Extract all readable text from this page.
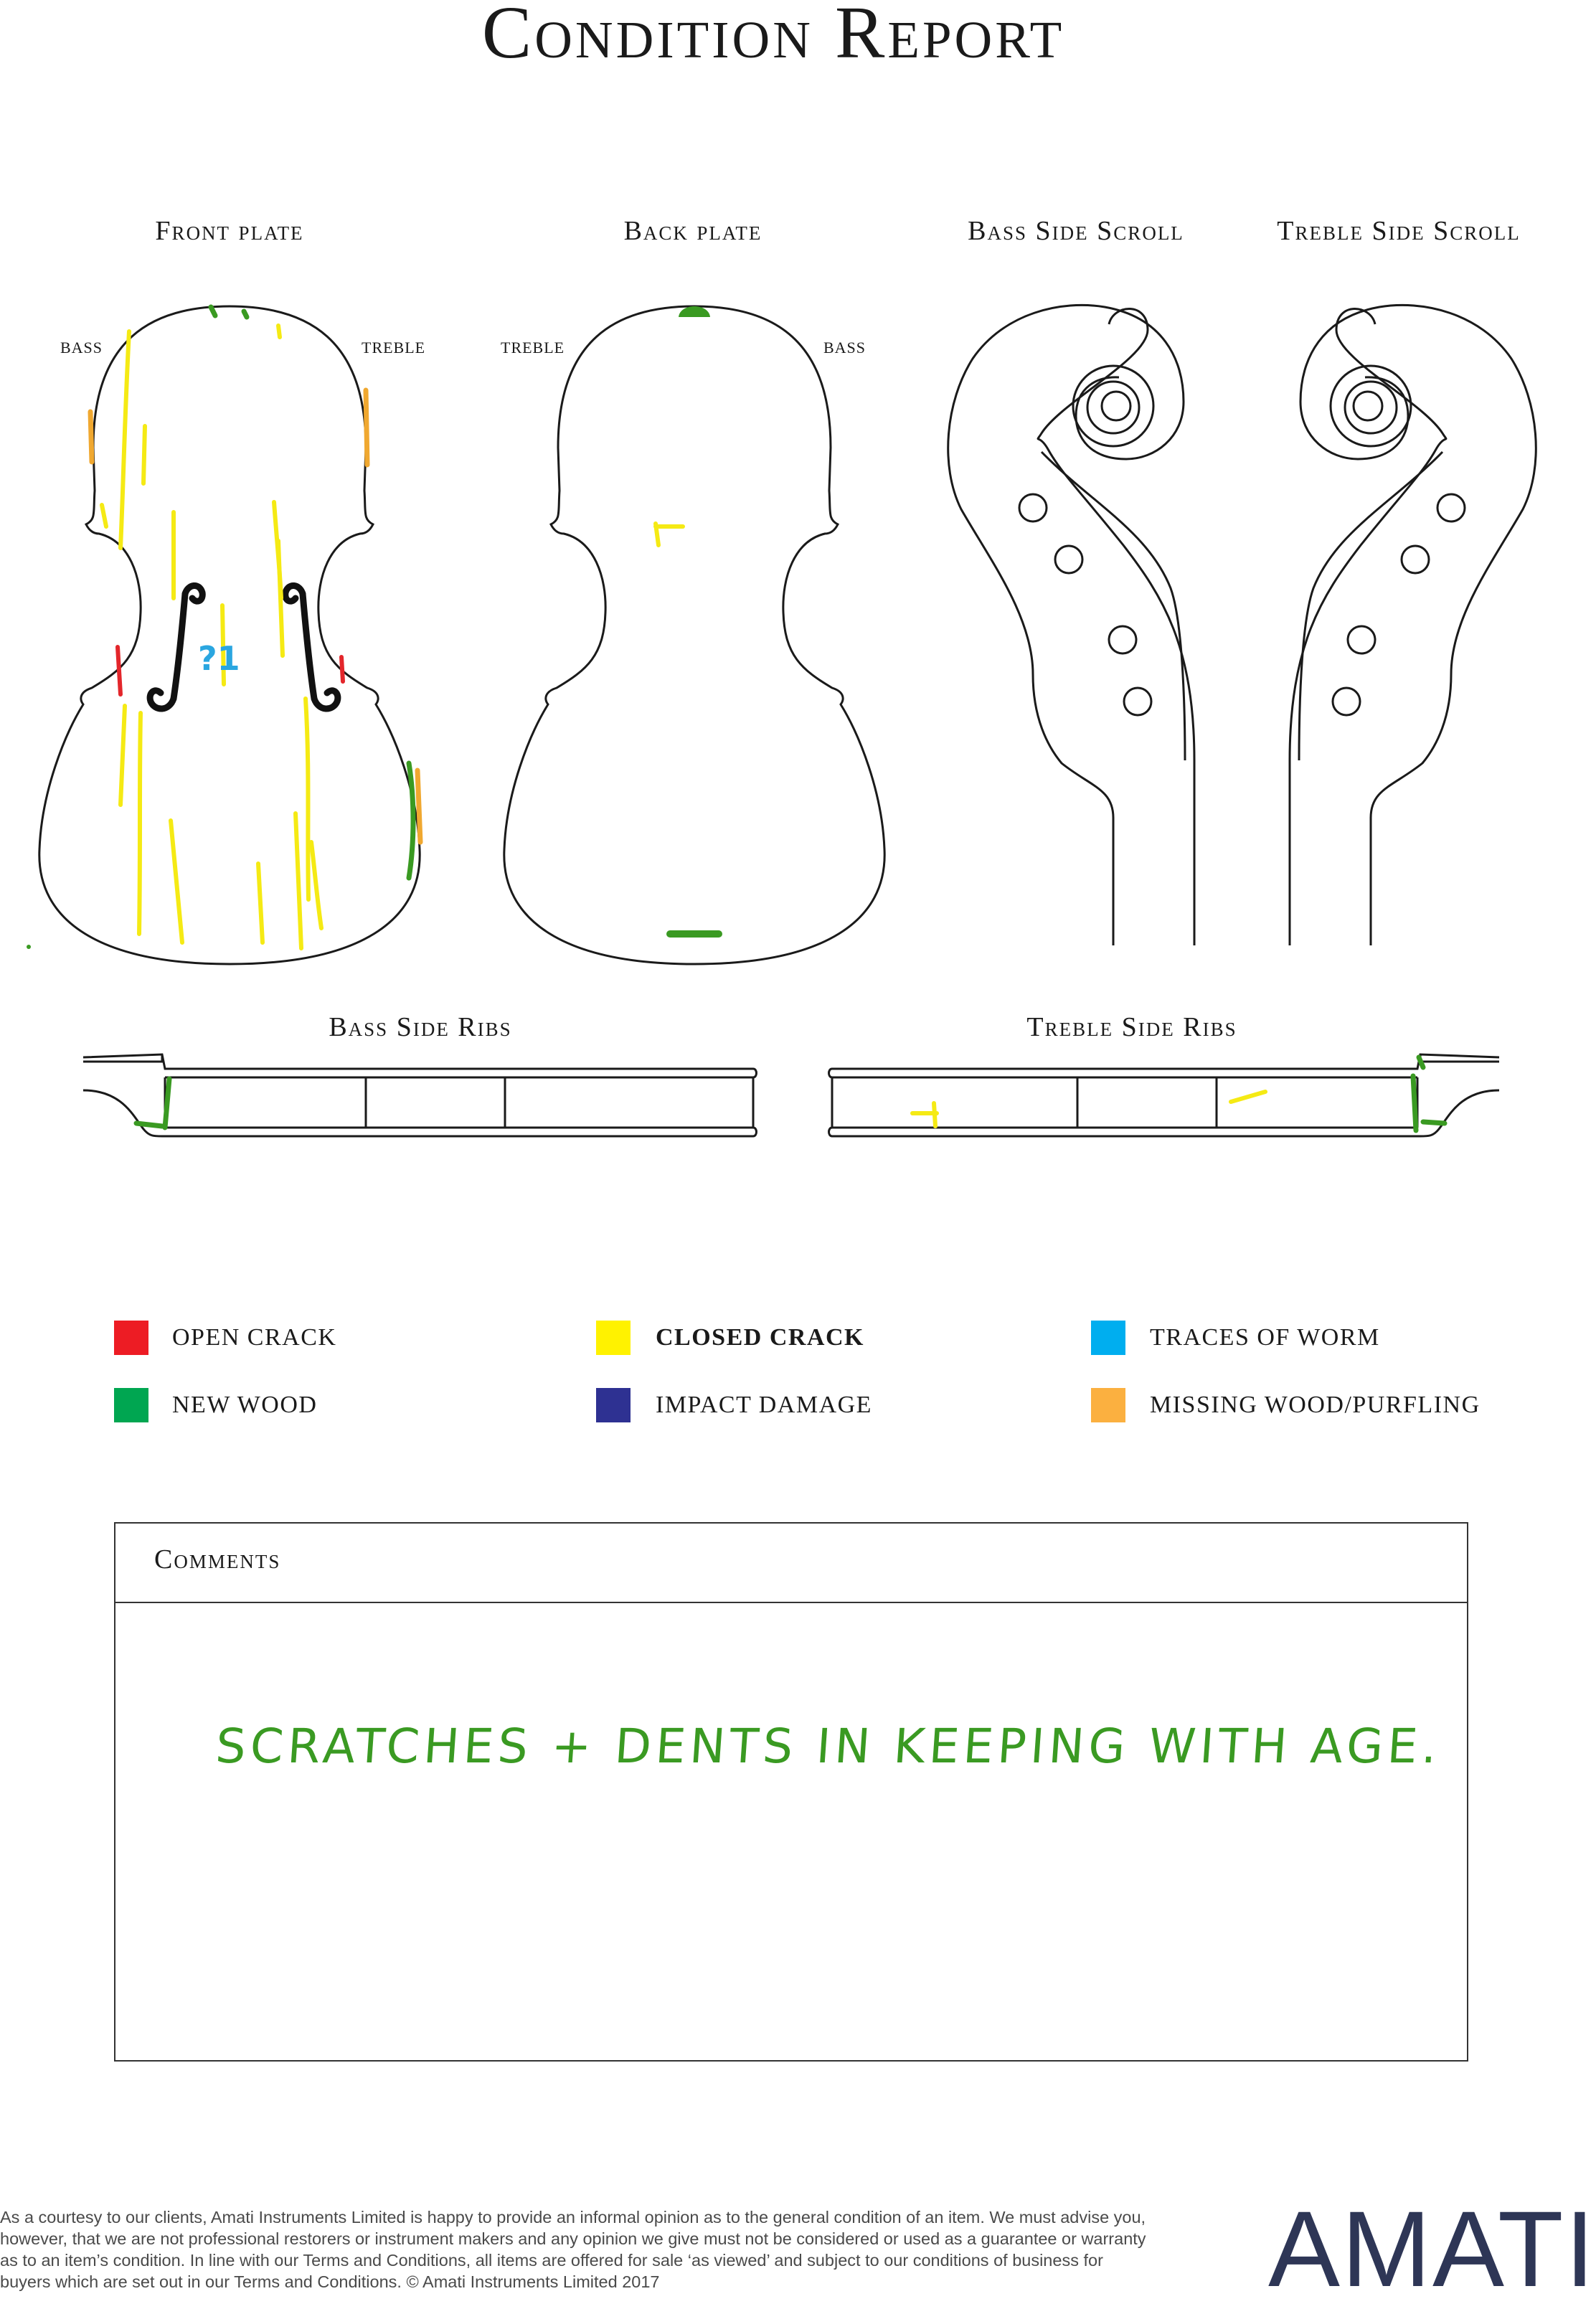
Condition Report
Front plate	Back plate	Bass Side Scroll	Treble Side Scroll
Bass Side Ribs	Treble Side Ribs
BASS	TREBLE	TREBLE	BASS
?1
OPEN CRACK	CLOSED CRACK	TRACES OF WORM
NEW WOOD	IMPACT DAMAGE	MISSING WOOD/PURFLING
Comments
SCRATCHES + DENTS IN KEEPING WITH AGE.
As a courtesy to our clients, Amati Instruments Limited is happy to provide an informal opinion as to the general condition of an item. We must advise you, however, that we are not professional restorers or instrument makers and any opinion we give must not be considered or used as a guarantee or warranty as to an item’s condition. In line with our Terms and Conditions, all items are offered for sale ‘as viewed’ and subject to our conditions of business for buyers which are set out in our Terms and Conditions. © Amati Instruments Limited 2017	AMATI
